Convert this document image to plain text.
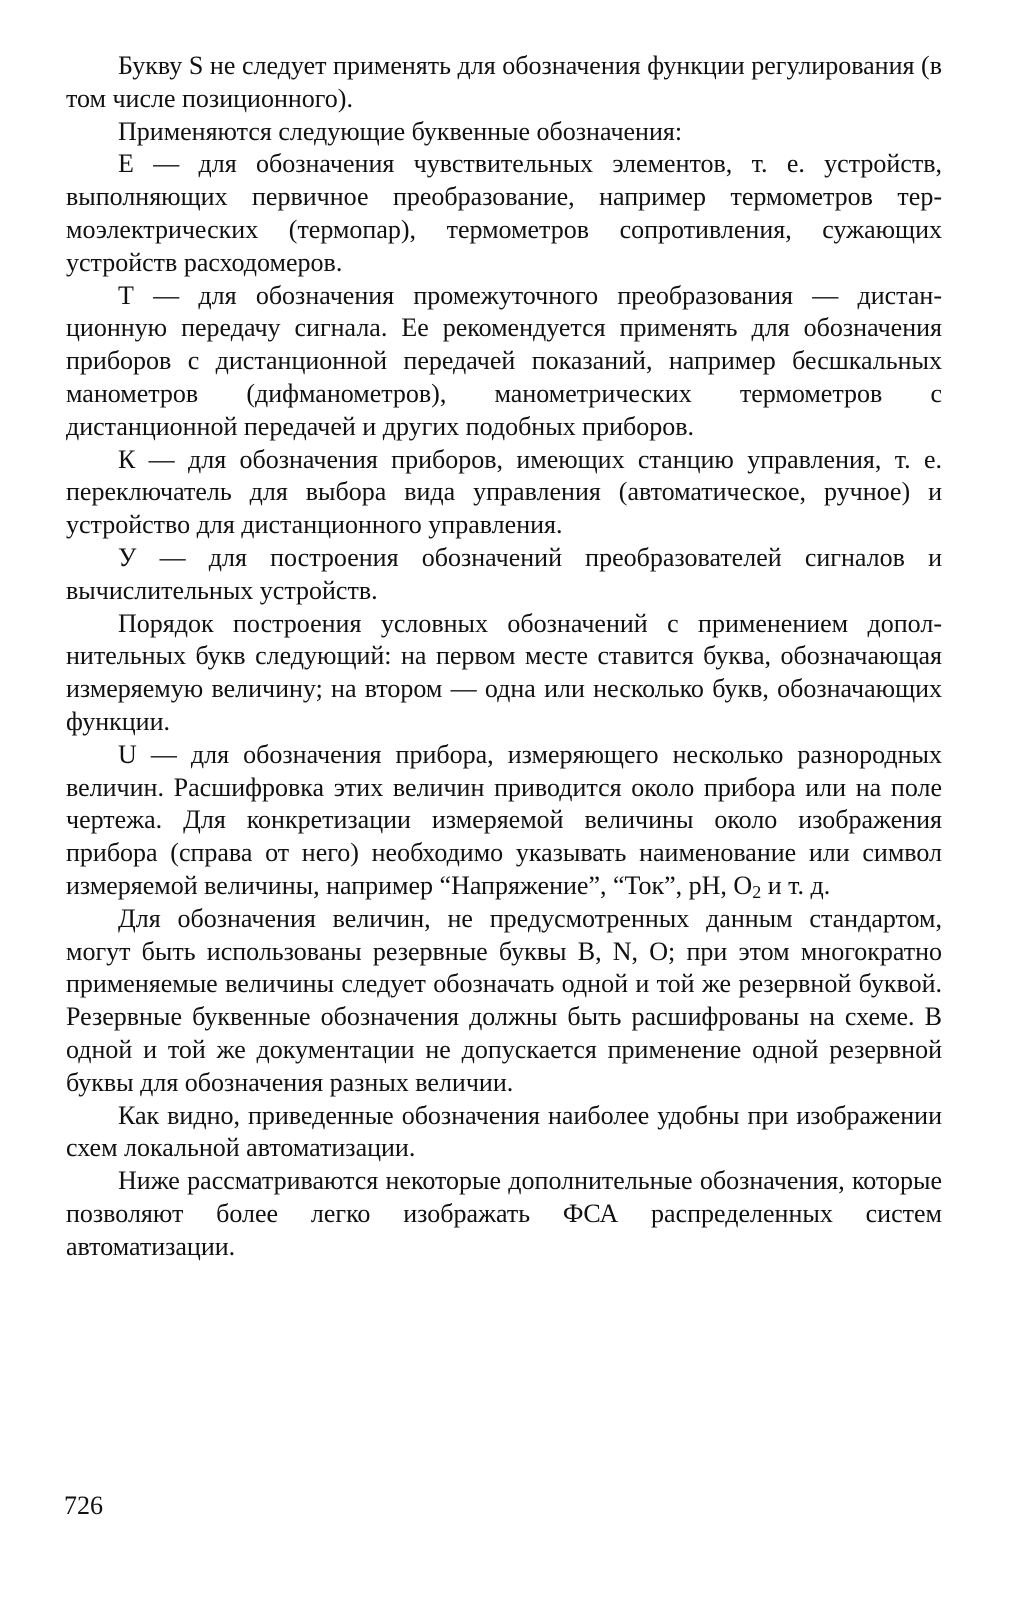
Букву S не следует применять для обозначения функции регулирования (в том числе позиционного).

Применяются следующие буквенные обозначения:

Е — для обозначения чувствительных элементов, т. е. устройств, выполняющих первичное преобразование, например термометров термоэлектрических (термопар), термометров сопротивления, сужающих устройств расходомеров.

Т — для обозначения промежуточного преобразования — дистанционную передачу сигнала. Ее рекомендуется применять для обозначения приборов с дистанционной передачей показаний, например бесшкальных манометров (дифманометров), манометрических термометров с дистанционной передачей и других подобных приборов.

К — для обозначения приборов, имеющих станцию управления, т. е. переключатель для выбора вида управления (автоматическое, ручное) и устройство для дистанционного управления.

У — для построения обозначений преобразователей сигналов и вычислительных устройств.

Порядок построения условных обозначений с применением дополнительных букв следующий: на первом месте ставится буква, обозначающая измеряемую величину; на втором — одна или несколько букв, обозначающих функции.

U — для обозначения прибора, измеряющего несколько разнородных величин. Расшифровка этих величин приводится около прибора или на поле чертежа. Для конкретизации измеряемой величины около изображения прибора (справа от него) необходимо указывать наименование или символ измеряемой величины, например “Напряжение”, “Ток”, pH, $O_2$ и т. д.

Для обозначения величин, не предусмотренных данным стандартом, могут быть использованы резервные буквы В, N, О; при этом многократно применяемые величины следует обозначать одной и той же резервной буквой. Резервные буквенные обозначения должны быть расшифрованы на схеме. В одной и той же документации не допускается применение одной резервной буквы для обозначения разных величии.

Как видно, приведенные обозначения наиболее удобны при изображении схем локальной автоматизации.

Ниже рассматриваются некоторые дополнительные обозначения, которые позволяют более легко изображать ФСА распределенных систем автоматизации.

726
